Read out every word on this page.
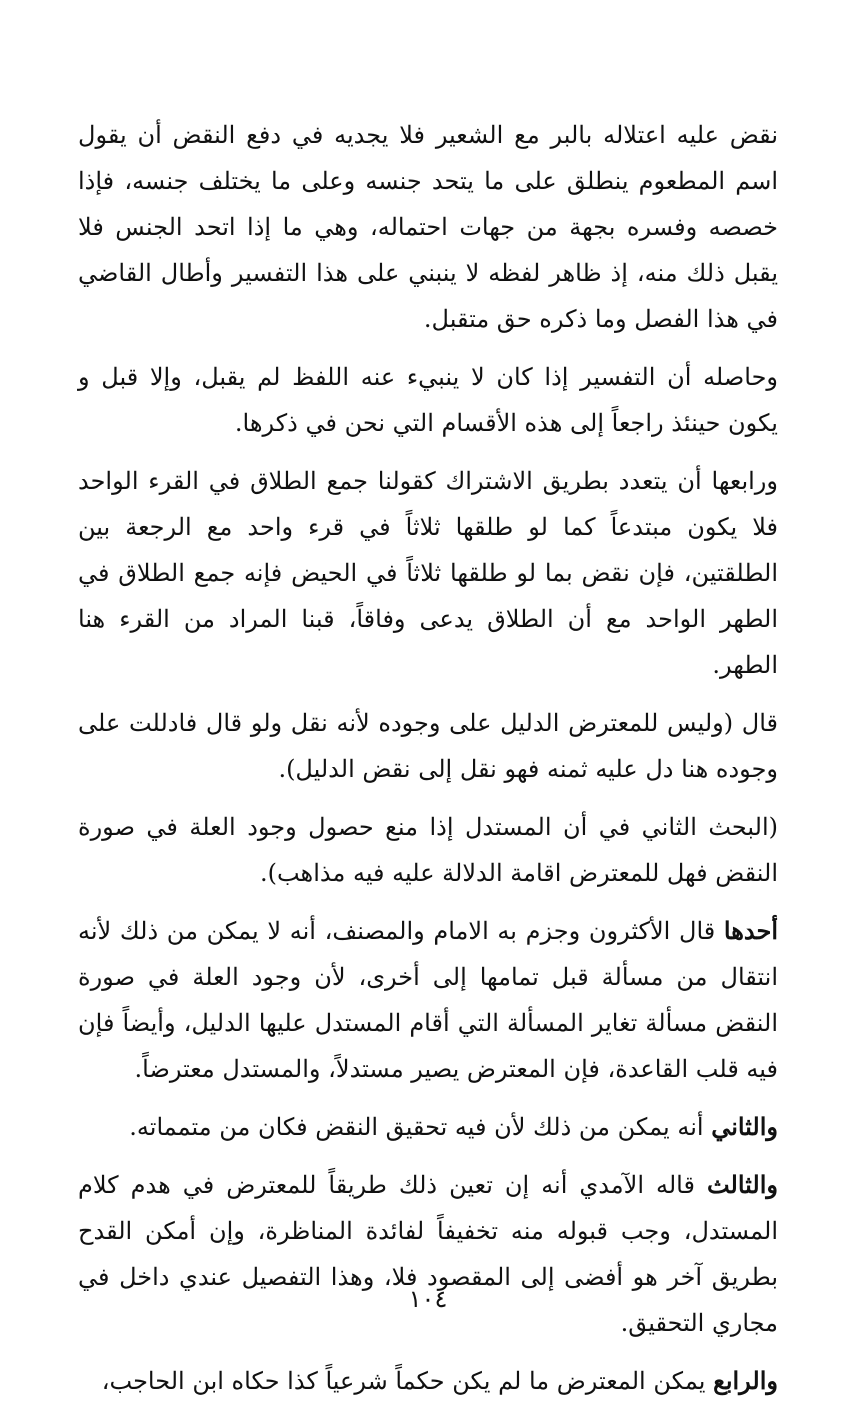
نقض عليه اعتلاله بالبر مع الشعير فلا يجديه في دفع النقض أن يقول اسم المطعوم ينطلق على ما يتحد جنسه وعلى ما يختلف جنسه، فإذا خصصه وفسره بجهة من جهات احتماله، وهي ما إذا اتحد الجنس فلا يقبل ذلك منه، إذ ظاهر لفظه لا ينبني على هذا التفسير وأطال القاضي في هذا الفصل وما ذكره حق متقبل.

وحاصله أن التفسير إذا كان لا ينبيء عنه اللفظ لم يقبل، وإلا قبل و يكون حينئذ راجعاً إلى هذه الأقسام التي نحن في ذكرها.

ورابعها أن يتعدد بطريق الاشتراك كقولنا جمع الطلاق في القرء الواحد فلا يكون مبتدعاً كما لو طلقها ثلاثاً في قرء واحد مع الرجعة بين الطلقتين، فإن نقض بما لو طلقها ثلاثاً في الحيض فإنه جمع الطلاق في الطهر الواحد مع أن الطلاق يدعى وفاقاً، قبنا المراد من القرء هنا الطهر.

قال (وليس للمعترض الدليل على وجوده لأنه نقل ولو قال فادللت على وجوده هنا دل عليه ثمنه فهو نقل إلى نقض الدليل).

(البحث الثاني في أن المستدل إذا منع حصول وجود العلة في صورة النقض فهل للمعترض اقامة الدلالة عليه فيه مذاهب).

أحدها قال الأكثرون وجزم به الامام والمصنف، أنه لا يمكن من ذلك لأنه انتقال من مسألة قبل تمامها إلى أخرى، لأن وجود العلة في صورة النقض مسألة تغاير المسألة التي أقام المستدل عليها الدليل، وأيضاً فإن فيه قلب القاعدة، فإن المعترض يصير مستدلاً، والمستدل معترضاً.

والثاني أنه يمكن من ذلك لأن فيه تحقيق النقض فكان من متمماته.

والثالث قاله الآمدي أنه إن تعين ذلك طريقاً للمعترض في هدم كلام المستدل، وجب قبوله منه تخفيفاً لفائدة المناظرة، وإن أمكن القدح بطريق آخر هو أفضى إلى المقصود فلا، وهذا التفصيل عندي داخل في مجاري التحقيق.

والرابع يمكن المعترض ما لم يكن حكماً شرعياً كذا حكاه ابن الحاجب،

١٠٤
